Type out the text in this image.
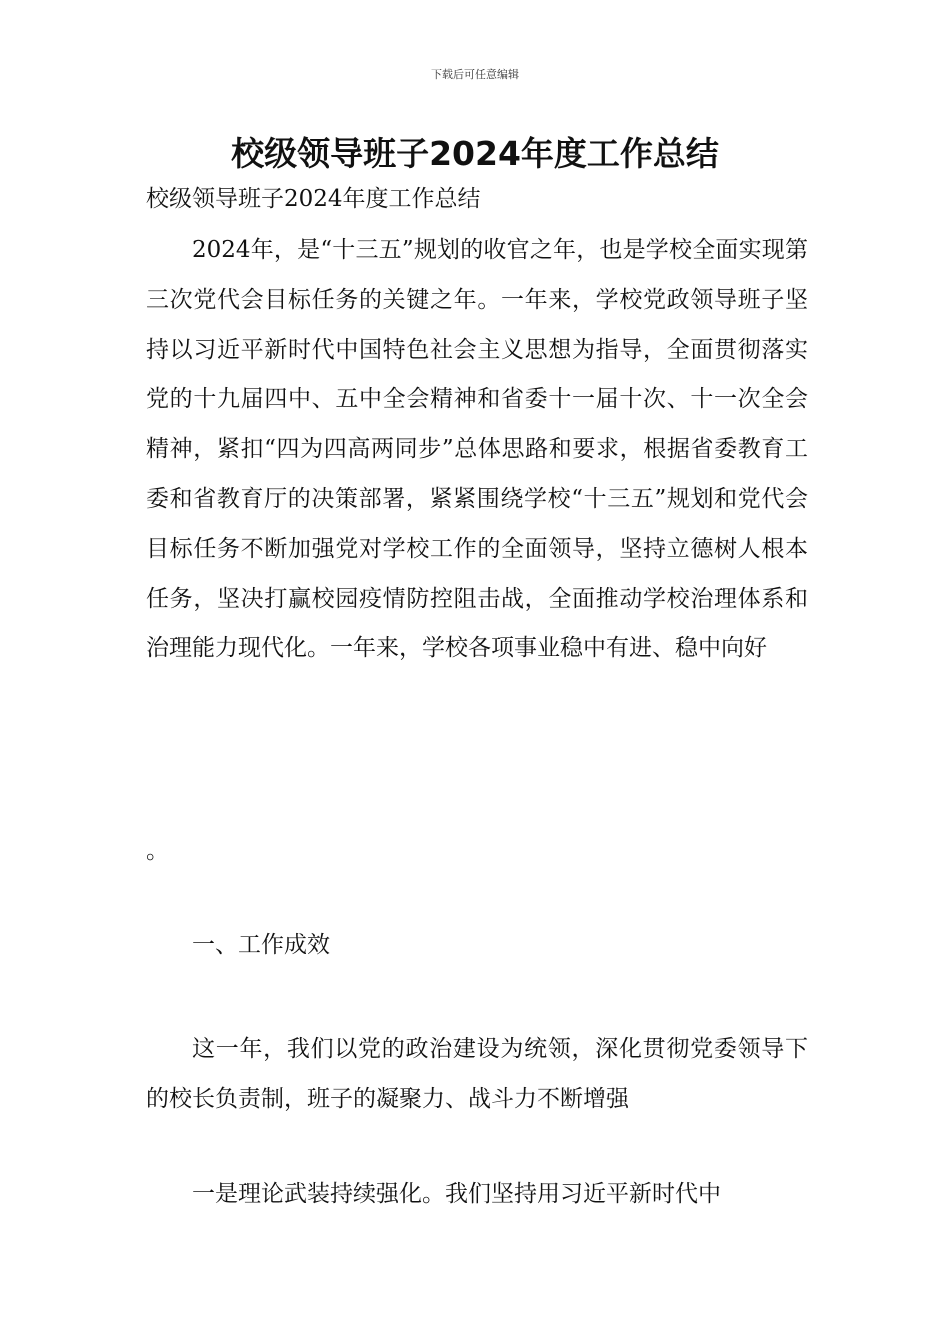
下载后可任意编辑
校级领导班子2024年度工作总结

校级领导班子2024年度工作总结

2024年，是“十三五”规划的收官之年，也是学校全面实现第三次党代会目标任务的关键之年。一年来，学校党政领导班子坚持以习近平新时代中国特色社会主义思想为指导，全面贯彻落实党的十九届四中、五中全会精神和省委十一届十次、十一次全会精神，紧扣“四为四高两同步”总体思路和要求，根据省委教育工委和省教育厅的决策部署，紧紧围绕学校“十三五”规划和党代会目标任务不断加强党对学校工作的全面领导，坚持立德树人根本任务，坚决打赢校园疫情防控阻击战，全面推动学校治理体系和治理能力现代化。一年来，学校各项事业稳中有进、稳中向好

。

一、工作成效

这一年，我们以党的政治建设为统领，深化贯彻党委领导下的校长负责制，班子的凝聚力、战斗力不断增强

一是理论武装持续强化。我们坚持用习近平新时代中
